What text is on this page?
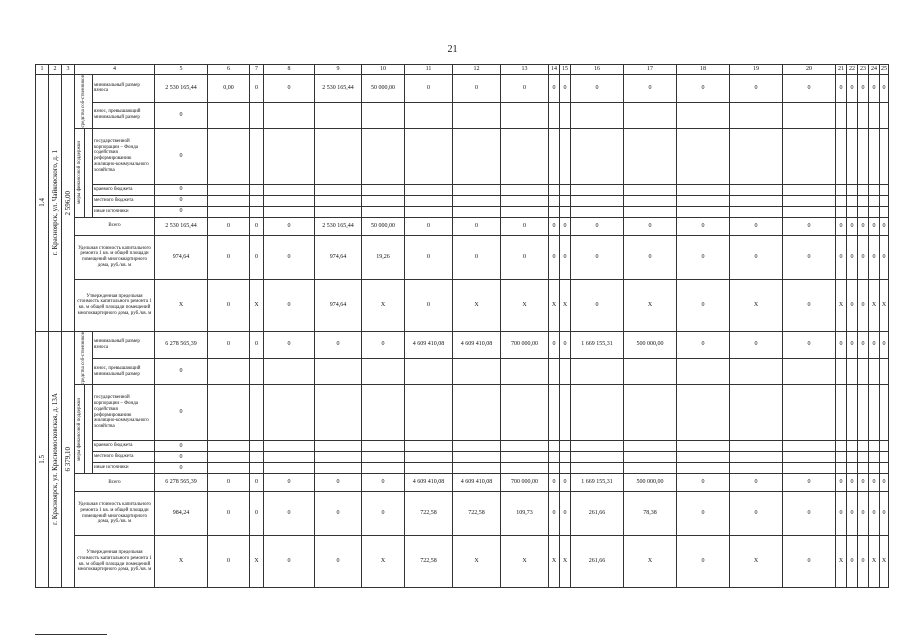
21
1	2	3	4			5	6	7	8	9	10	11	12	13	14	15	16	17	18	19	20	21	22	23	24	25

1.4	г. Красноярск, ул. Чайковского, д. 1	2 596,00	средства соб-ственников		минимальный размер взноса	2 530 165,44	0,00	0	0	2 530 165,44	50 000,00	0	0	0	0	0	0	0	0	0	0	0	0	0	0	0
					взнос, превышающий минимальный размер	0																				

			меры финансовой поддержки		государственной корпорации – Фонда содействия реформированию жилищно-коммунального хозяйства	0																				
					краевого бюджета	0																				
					местного бюджета	0																				
					иные источники	0																				
			Всего			2 530 165,44	0	0	0	2 530 165,44	50 000,00	0	0	0	0	0	0	0	0	0	0	0	0	0	0	0
			Удельная стоимость капитального ремонта 1 кв. м общей площади помещений многоквартирного дома, руб./кв. м			974,64	0	0	0	974,64	19,26	0	0	0	0	0	0	0	0	0	0	0	0	0	0	0
			Утвержденная предельная стоимость капитального ремонта 1 кв. м общей площади помещений многоквартирного дома, руб./кв. м			X	0	X	0	974,64	X	0	X	X	X	X	0	X	0	X	0	X	0	0	X	X

1.5	г. Красноярск, ул. Красномосковская, д. 13А	6 379,10	средства соб-ственников		минимальный размер взноса	6 278 565,39	0	0	0	0	0	4 609 410,08	4 609 410,08	700 000,00	0	0	1 669 155,31	500 000,00	0	0	0	0	0	0	0	0
					взнос, превышающий минимальный размер	0																				

			меры финансовой поддержки		государственной корпорации – Фонда содействия реформированию жилищно-коммунального хозяйства	0																				
					краевого бюджета	0																				
					местного бюджета	0																				
					иные источники	0																				
			Всего			6 278 565,39	0	0	0	0	0	4 609 410,08	4 609 410,08	700 000,00	0	0	1 669 155,31	500 000,00	0	0	0	0	0	0	0	0
			Удельная стоимость капитального ремонта 1 кв. м общей площади помещений многоквартирного дома, руб./кв. м			984,24	0	0	0	0	0	722,58	722,58	109,73	0	0	261,66	78,38	0	0	0	0	0	0	0	0
			Утвержденная предельная стоимость капитального ремонта 1 кв. м общей площади помещений многоквартирного дома, руб./кв. м			X	0	X	0	0	X	722,58	X	X	X	X	261,66	X	0	X	0	X	0	0	X	X
